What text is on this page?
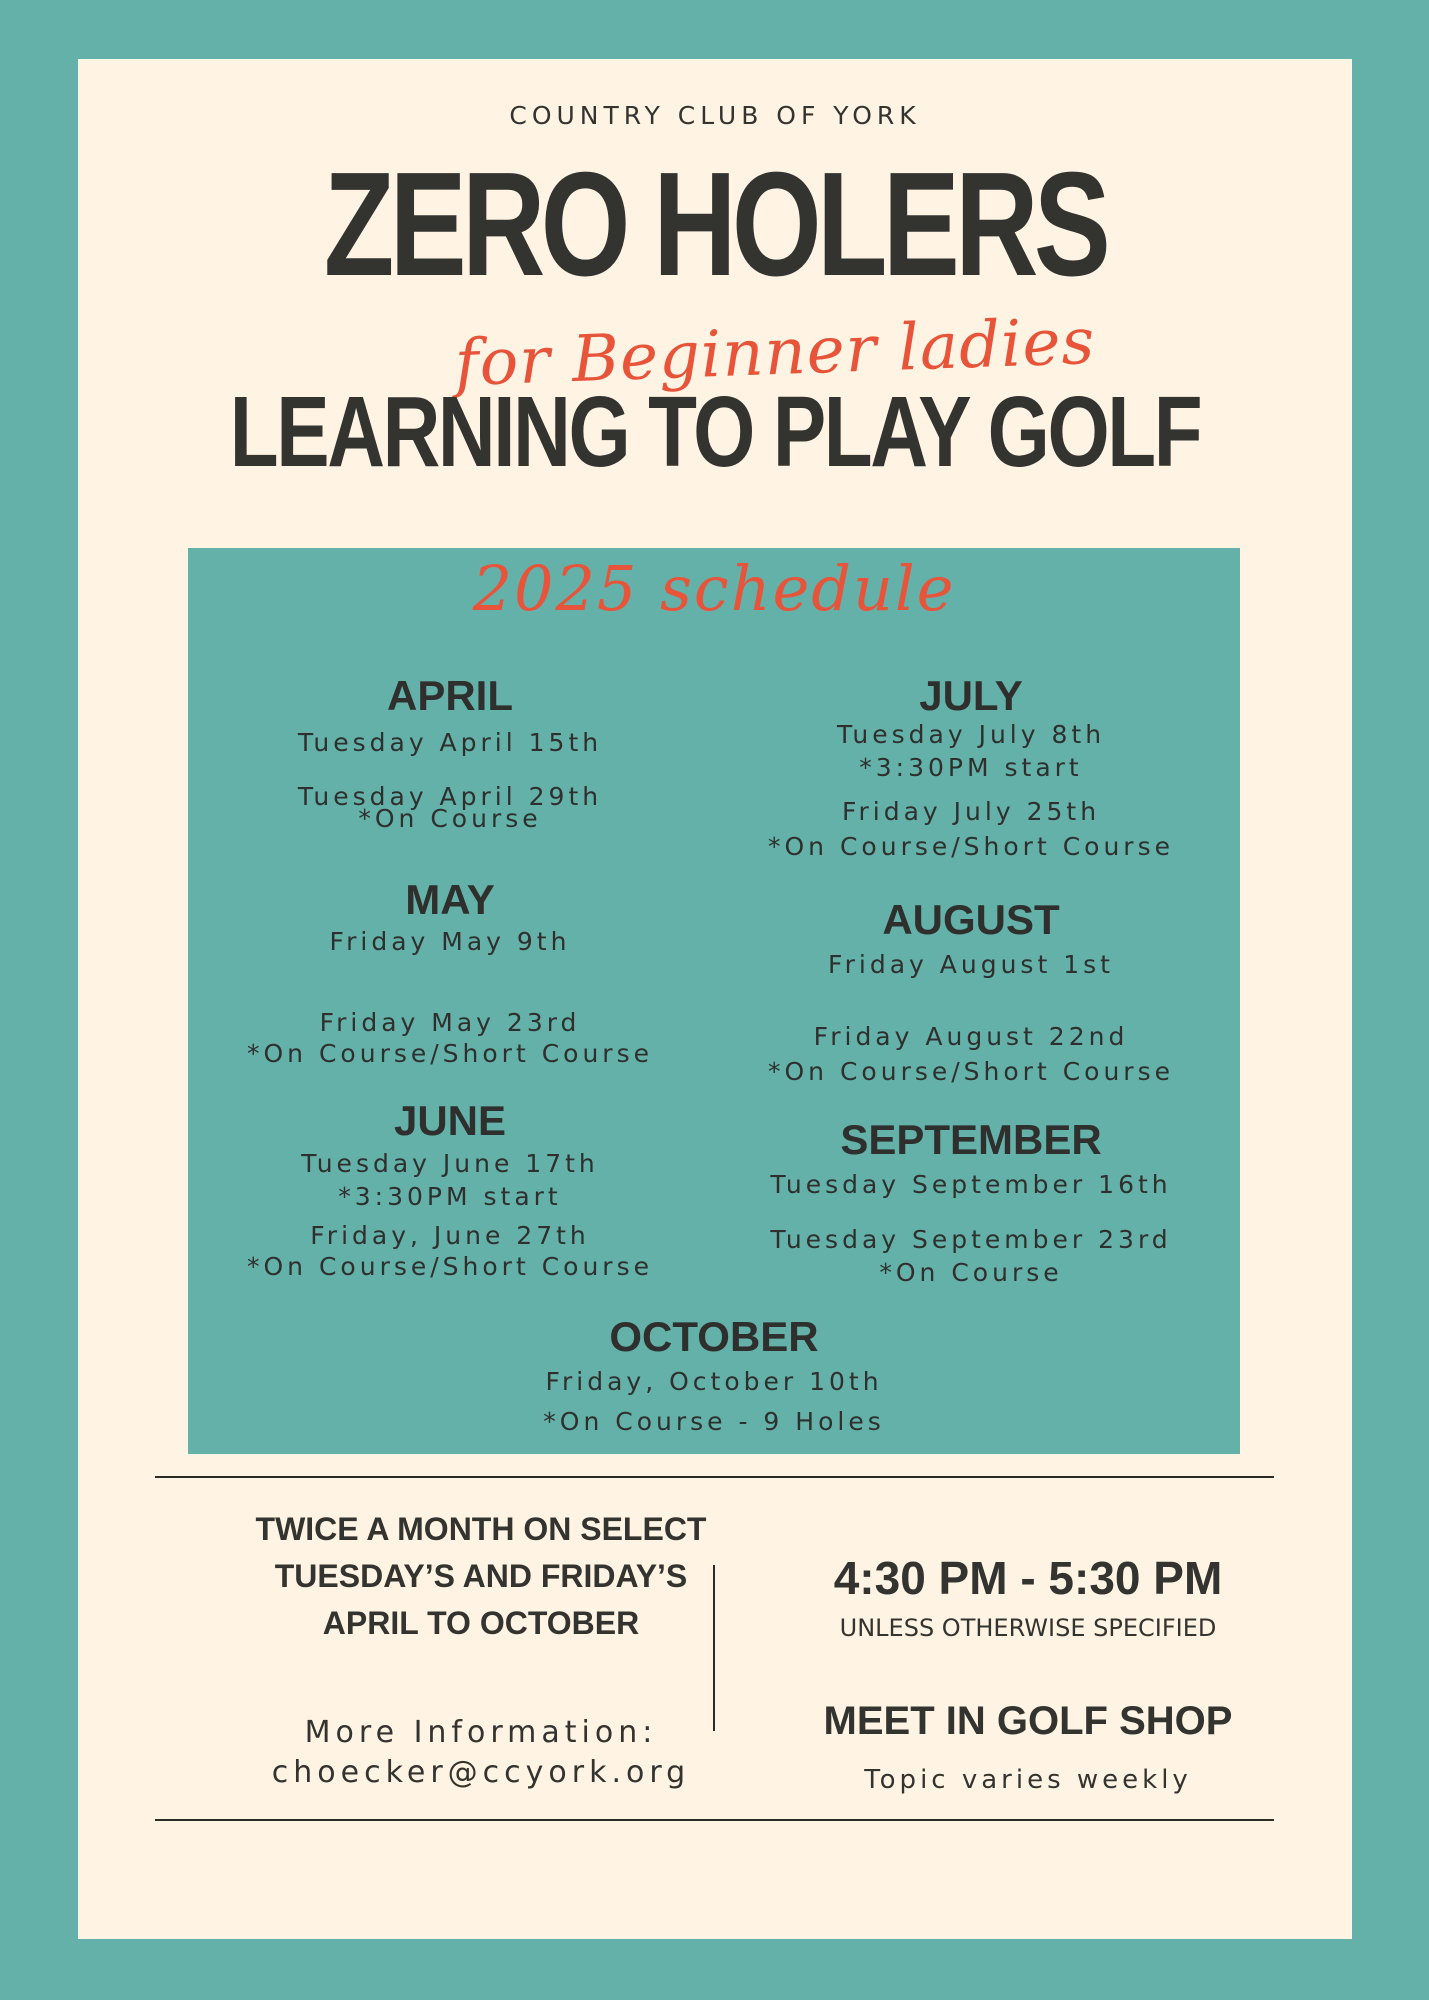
COUNTRY CLUB OF YORK
ZERO HOLERS
for Beginner ladies
LEARNING TO PLAY GOLF
2025 schedule
APRIL
Tuesday April 15th
Tuesday April 29th
*On Course
MAY
Friday May 9th
Friday May 23rd
*On Course/Short Course
JUNE
Tuesday June 17th
*3:30PM start
Friday, June 27th
*On Course/Short Course
JULY
Tuesday July 8th
*3:30PM start
Friday July 25th
*On Course/Short Course
AUGUST
Friday August 1st
Friday August 22nd
*On Course/Short Course
SEPTEMBER
Tuesday September 16th
Tuesday September 23rd
*On Course
OCTOBER
Friday, October 10th
*On Course - 9 Holes
TWICE A MONTH ON SELECT TUESDAY’S AND FRIDAY’S APRIL TO OCTOBER
More Information:
choecker@ccyork.org
4:30 PM - 5:30 PM
UNLESS OTHERWISE SPECIFIED
MEET IN GOLF SHOP
Topic varies weekly
